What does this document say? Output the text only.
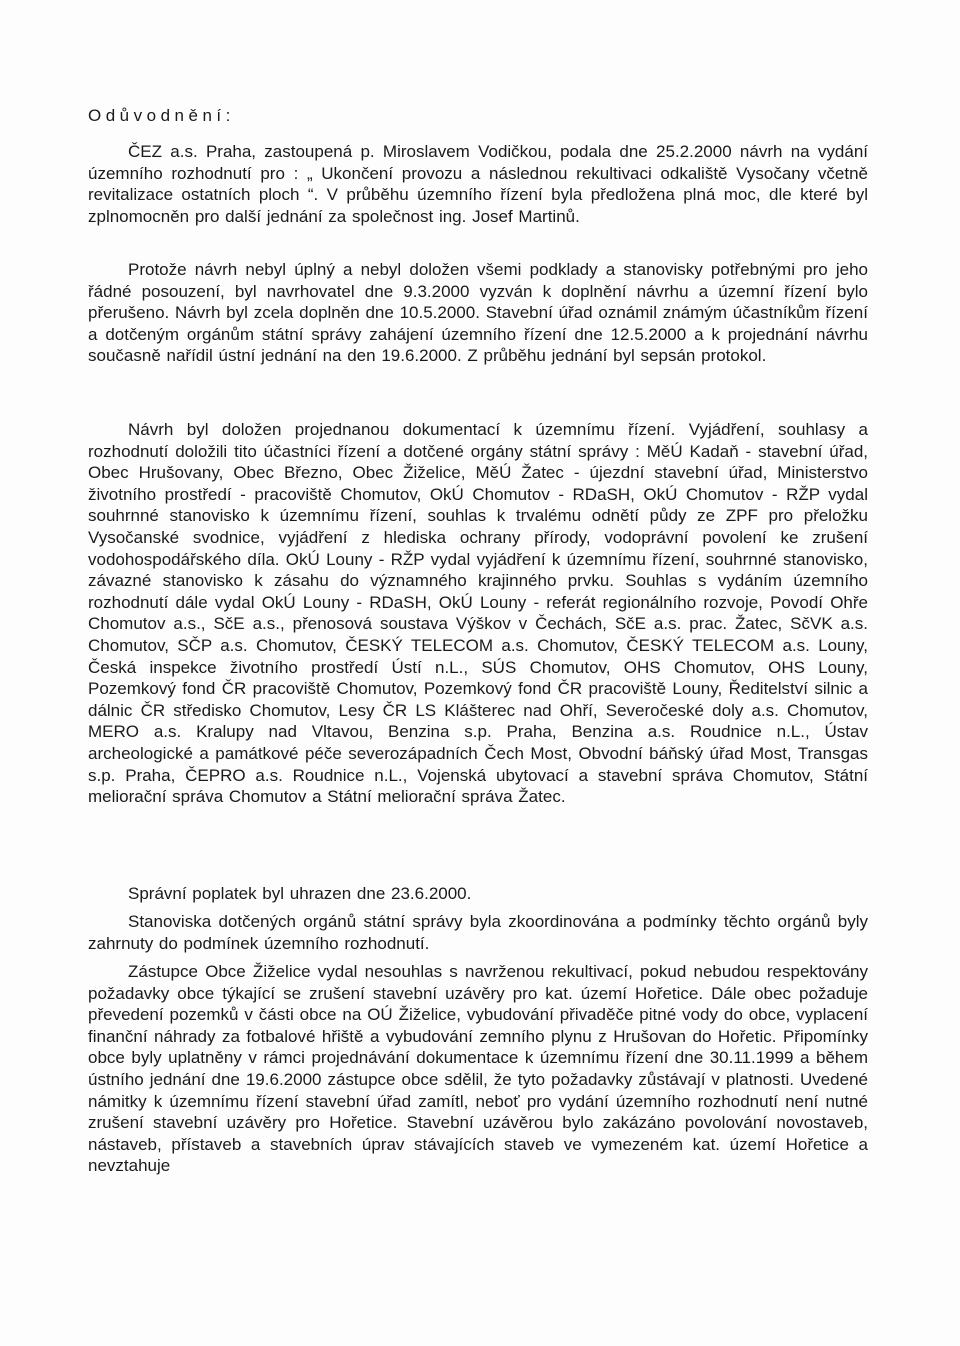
Odůvodnění:

ČEZ a.s. Praha, zastoupená p. Miroslavem Vodičkou, podala dne 25.2.2000 návrh na vydání územního rozhodnutí pro : „ Ukončení provozu a následnou rekultivaci odkaliště Vysočany včetně revitalizace ostatních ploch “. V průběhu územního řízení byla předložena plná moc, dle které byl zplnomocněn pro další jednání za společnost ing. Josef Martinů.

Protože návrh nebyl úplný a nebyl doložen všemi podklady a stanovisky potřebnými pro jeho řádné posouzení, byl navrhovatel dne 9.3.2000 vyzván k doplnění návrhu a územní řízení bylo přerušeno. Návrh byl zcela doplněn dne 10.5.2000. Stavební úřad oznámil známým účastníkům řízení a dotčeným orgánům státní správy zahájení územního řízení dne 12.5.2000 a k projednání návrhu současně nařídil ústní jednání na den 19.6.2000. Z průběhu jednání byl sepsán protokol.

Návrh byl doložen projednanou dokumentací k územnímu řízení. Vyjádření, souhlasy a rozhodnutí doložili tito účastníci řízení a dotčené orgány státní správy : MěÚ Kadaň - stavební úřad, Obec Hrušovany, Obec Březno, Obec Žiželice, MěÚ Žatec - újezdní stavební úřad, Ministerstvo životního prostředí - pracoviště Chomutov, OkÚ Chomutov - RDaSH, OkÚ Chomutov - RŽP vydal souhrnné stanovisko k územnímu řízení, souhlas k trvalému odnětí půdy ze ZPF pro přeložku Vysočanské svodnice, vyjádření z hlediska ochrany přírody, vodoprávní povolení ke zrušení vodohospodářského díla. OkÚ Louny - RŽP vydal vyjádření k územnímu řízení, souhrnné stanovisko, závazné stanovisko k zásahu do významného krajinného prvku. Souhlas s vydáním územního rozhodnutí dále vydal OkÚ Louny - RDaSH, OkÚ Louny - referát regionálního rozvoje, Povodí Ohře Chomutov a.s., SčE a.s., přenosová soustava Výškov v Čechách, SčE a.s. prac. Žatec, SčVK a.s. Chomutov, SČP a.s. Chomutov, ČESKÝ TELECOM a.s. Chomutov, ČESKÝ TELECOM a.s. Louny, Česká inspekce životního prostředí Ústí n.L., SÚS Chomutov, OHS Chomutov, OHS Louny, Pozemkový fond ČR pracoviště Chomutov, Pozemkový fond ČR pracoviště Louny, Ředitelství silnic a dálnic ČR středisko Chomutov, Lesy ČR LS Klášterec nad Ohří, Severočeské doly a.s. Chomutov, MERO a.s. Kralupy nad Vltavou, Benzina s.p. Praha, Benzina a.s. Roudnice n.L., Ústav archeologické a památkové péče severozápadních Čech Most, Obvodní báňský úřad Most, Transgas s.p. Praha, ČEPRO a.s. Roudnice n.L., Vojenská ubytovací a stavební správa Chomutov, Státní meliorační správa Chomutov a Státní meliorační správa Žatec.

Správní poplatek byl uhrazen dne 23.6.2000.

Stanoviska dotčených orgánů státní správy byla zkoordinována a podmínky těchto orgánů byly zahrnuty do podmínek územního rozhodnutí.

Zástupce Obce Žiželice vydal nesouhlas s navrženou rekultivací, pokud nebudou respektovány požadavky obce týkající se zrušení stavební uzávěry pro kat. území Hořetice. Dále obec požaduje převedení pozemků v části obce na OÚ Žiželice, vybudování přivaděče pitné vody do obce, vyplacení finanční náhrady za fotbalové hřiště a vybudování zemního plynu z Hrušovan do Hořetic. Připomínky obce byly uplatněny v rámci projednávání dokumentace k územnímu řízení dne 30.11.1999 a během ústního jednání dne 19.6.2000 zástupce obce sdělil, že tyto požadavky zůstávají v platnosti. Uvedené námitky k územnímu řízení stavební úřad zamítl, neboť pro vydání územního rozhodnutí není nutné zrušení stavební uzávěry pro Hořetice. Stavební uzávěrou bylo zakázáno povolování novostaveb, nástaveb, přístaveb a stavebních úprav stávajících staveb ve vymezeném kat. území Hořetice a nevztahuje
